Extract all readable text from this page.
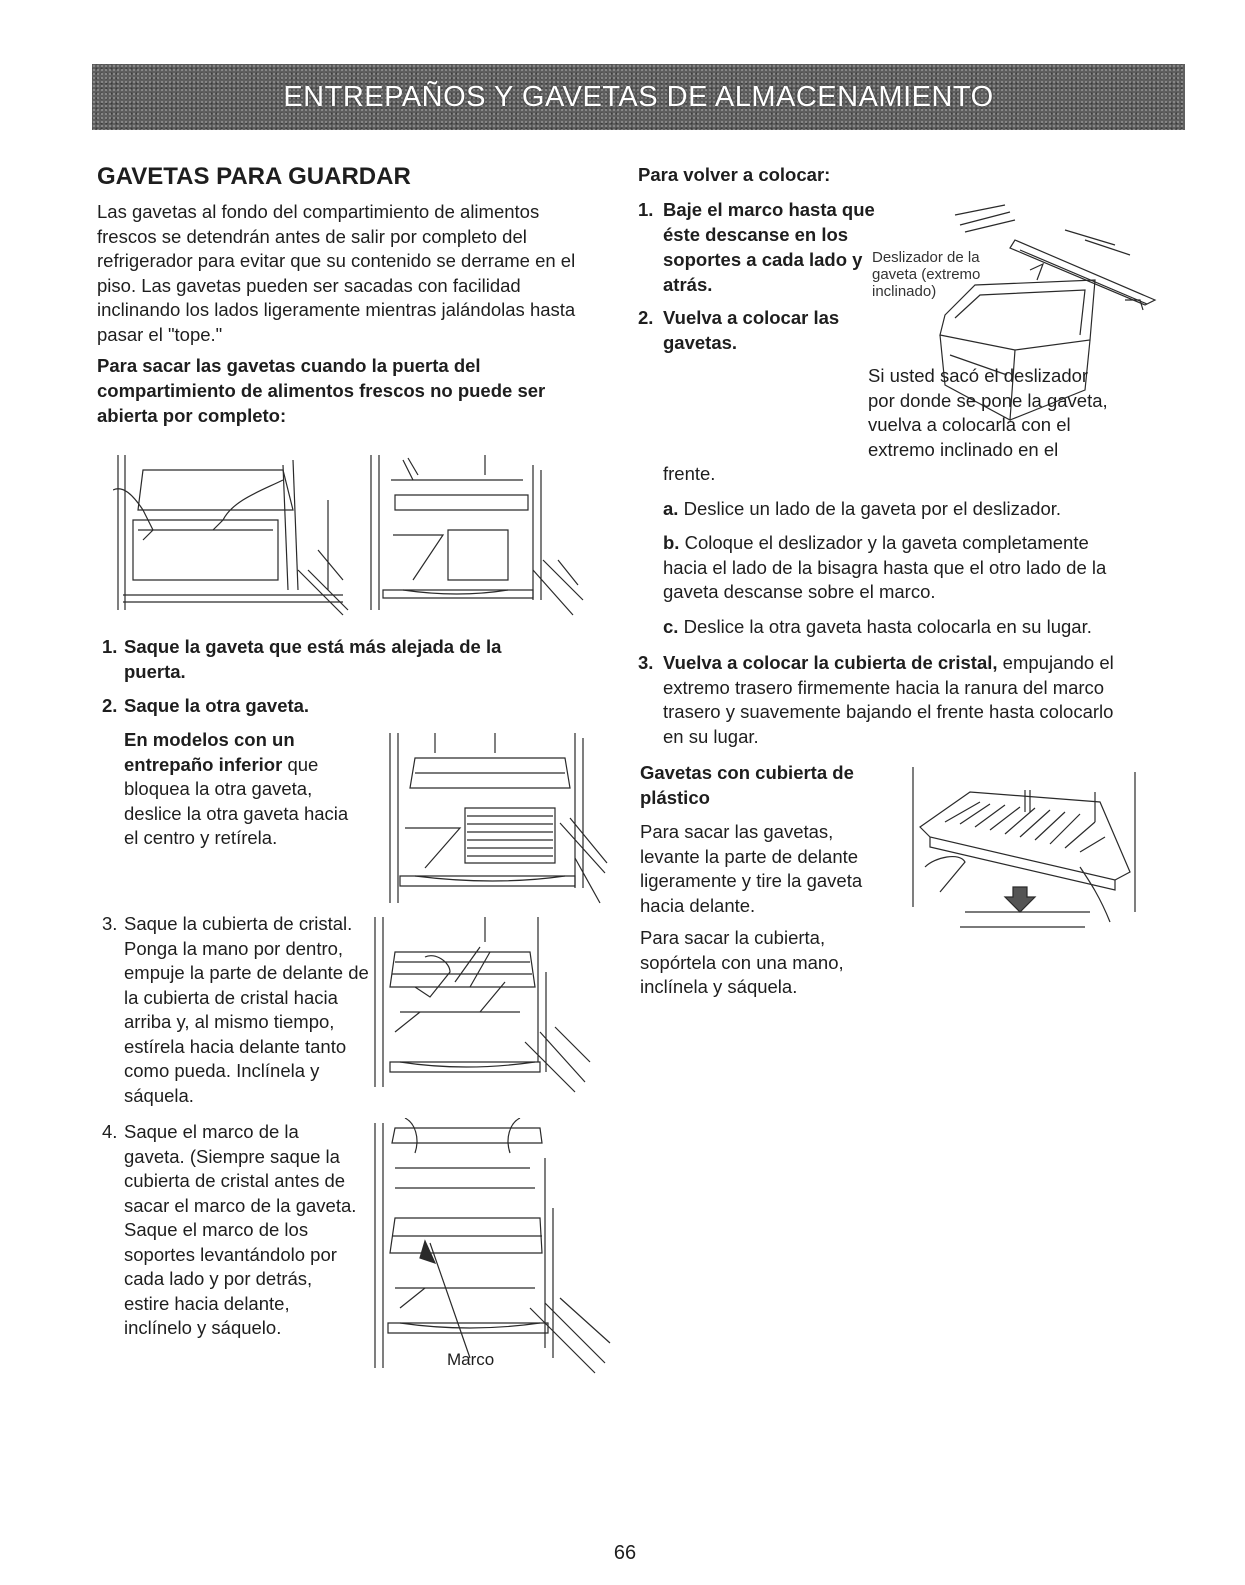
ENTREPAÑOS Y GAVETAS DE ALMACENAMIENTO
GAVETAS PARA GUARDAR

Las gavetas al fondo del compartimiento de alimentos frescos se detendrán antes de salir por completo del refrigerador para evitar que su contenido se derrame en el piso. Las gavetas pueden ser sacadas con facilidad inclinando los lados ligeramente mientras jalándolas hasta pasar el "tope."

Para sacar las gavetas cuando la puerta del compartimiento de alimentos frescos no puede ser abierta por completo:

1. Saque la gaveta que está más alejada de la puerta.

2. Saque la otra gaveta.

En modelos con un entrepaño inferior que bloquea la otra gaveta, deslice la otra gaveta hacia el centro y retírela.

3. Saque la cubierta de cristal. Ponga la mano por dentro, empuje la parte de delante de la cubierta de cristal hacia arriba y, al mismo tiempo, estírela hacia delante tanto como pueda. Inclínela y sáquela.
4. Saque el marco de la gaveta. (Siempre saque la cubierta de cristal antes de sacar el marco de la gaveta. Saque el marco de los soportes levantándolo por cada lado y por detrás, estire hacia delante, inclínelo y sáquelo.
Marco

Para volver a colocar:

1. Baje el marco hasta que éste descanse en los soportes a cada lado y atrás.
Deslizador de la gaveta (extremo inclinado)
2. Vuelva a colocar las gavetas.
Si usted sacó el deslizador por donde se pone la gaveta, vuelva a colocarla con el extremo inclinado en el frente.
a. Deslice un lado de la gaveta por el deslizador.
b. Coloque el deslizador y la gaveta completamente hacia el lado de la bisagra hasta que el otro lado de la gaveta descanse sobre el marco.
c. Deslice la otra gaveta hasta colocarla en su lugar.
3. Vuelva a colocar la cubierta de cristal, empujando el extremo trasero firmemente hacia la ranura del marco trasero y suavemente bajando el frente hasta colocarlo en su lugar.

Gavetas con cubierta de plástico

Para sacar las gavetas, levante la parte de delante ligeramente y tire la gaveta hacia delante.

Para sacar la cubierta, sopórtela con una mano, inclínela y sáquela.

66
